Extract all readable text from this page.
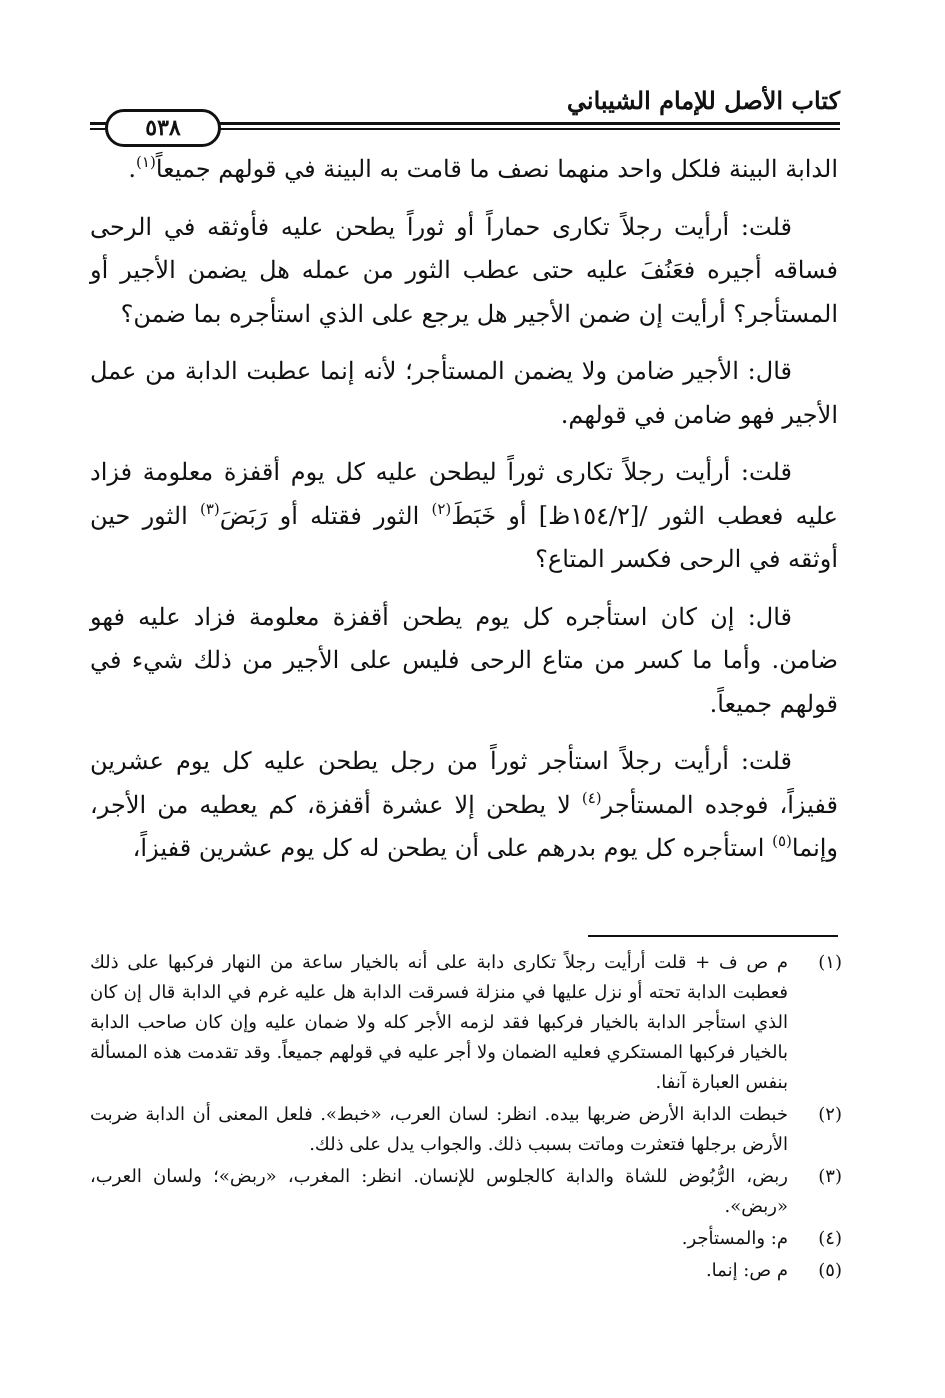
كتاب الأصل للإمام الشيباني
٥٣٨

الدابة البينة فلكل واحد منهما نصف ما قامت به البينة في قولهم جميعاً$^{(١)}$.

قلت: أرأيت رجلاً تكارى حماراً أو ثوراً يطحن عليه فأوثقه في الرحى فساقه أجيره فعَنُفَ عليه حتى عطب الثور من عمله هل يضمن الأجير أو المستأجر؟ أرأيت إن ضمن الأجير هل يرجع على الذي استأجره بما ضمن؟

قال: الأجير ضامن ولا يضمن المستأجر؛ لأنه إنما عطبت الدابة من عمل الأجير فهو ضامن في قولهم.

قلت: أرأيت رجلاً تكارى ثوراً ليطحن عليه كل يوم أقفزة معلومة فزاد عليه فعطب الثور /[١٥٤/٢ظ] أو خَبَطَ$^{(٢)}$ الثور فقتله أو رَبَضَ$^{(٣)}$ الثور حين أوثقه في الرحى فكسر المتاع؟

قال: إن كان استأجره كل يوم يطحن أقفزة معلومة فزاد عليه فهو ضامن. وأما ما كسر من متاع الرحى فليس على الأجير من ذلك شيء في قولهم جميعاً.

قلت: أرأيت رجلاً استأجر ثوراً من رجل يطحن عليه كل يوم عشرين قفيزاً، فوجده المستأجر$^{(٤)}$ لا يطحن إلا عشرة أقفزة، كم يعطيه من الأجر، وإنما$^{(٥)}$ استأجره كل يوم بدرهم على أن يطحن له كل يوم عشرين قفيزاً،

(١)
م ص ف + قلت أرأيت رجلاً تكارى دابة على أنه بالخيار ساعة من النهار فركبها على ذلك فعطبت الدابة تحته أو نزل عليها في منزلة فسرقت الدابة هل عليه غرم في الدابة قال إن كان الذي استأجر الدابة بالخيار فركبها فقد لزمه الأجر كله ولا ضمان عليه وإن كان صاحب الدابة بالخيار فركبها المستكري فعليه الضمان ولا أجر عليه في قولهم جميعاً. وقد تقدمت هذه المسألة بنفس العبارة آنفا.
(٢)
خبطت الدابة الأرض ضربها بيده. انظر: لسان العرب، «خبط». فلعل المعنى أن الدابة ضربت الأرض برجلها فتعثرت وماتت بسبب ذلك. والجواب يدل على ذلك.
(٣)
ربض، الرُّبُوض للشاة والدابة كالجلوس للإنسان. انظر: المغرب، «ربض»؛ ولسان العرب، «ربض».
(٤)
م: والمستأجر.
(٥)
م ص: إنما.
